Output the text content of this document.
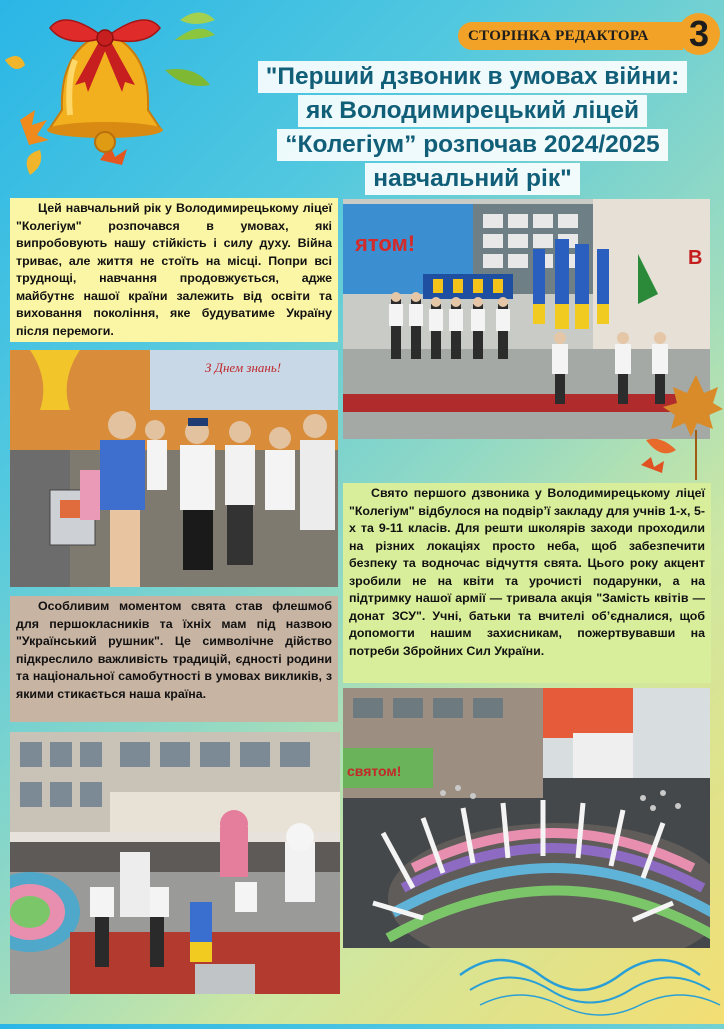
СТОРІНКА РЕДАКТОРА 3
"Перший дзвоник в умовах війни:
як Володимирецький ліцей
“Колегіум” розпочав 2024/2025
навчальний рік"

Цей навчальний рік у Володимирецькому ліцеї "Колегіум" розпочався в умовах, які випробовують нашу стійкість і силу духу. Війна триває, але життя не стоїть на місці. Попри всі труднощі, навчання продовжується, адже майбутнє нашої країни залежить від освіти та виховання покоління, яке будуватиме Україну після перемоги.

ятом!
В
З Днем знань!

Свято першого дзвоника у Володимирецькому ліцеї "Колегіум" відбулося на подвір’ї закладу для учнів 1-х, 5-х та 9-11 класів. Для решти школярів заходи проходили на різних локаціях просто неба, щоб забезпечити безпеку та водночас відчуття свята. Цього року акцент зробили не на квіти та урочисті подарунки, а на підтримку нашої армії — тривала акція "Замість квітів — донат ЗСУ". Учні, батьки та вчителі об’єдналися, щоб допомогти нашим захисникам, пожертвувавши на потреби Збройних Сил України.

Особливим моментом свята став флешмоб для першокласників та їхніх мам під назвою "Український рушник". Це символічне дійство підкреслило важливість традицій, єдності родини та національної самобутності в умовах викликів, з якими стикається наша країна.

святом!
